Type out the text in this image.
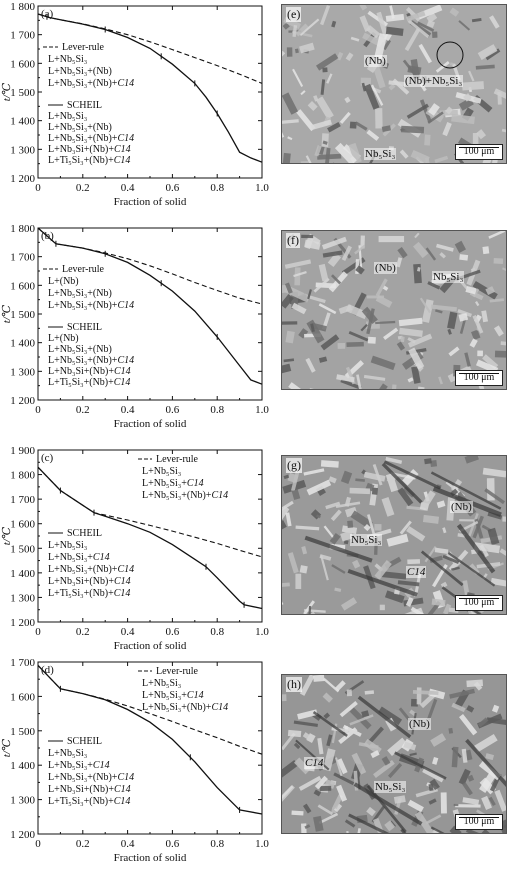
1 200
1 300
1 400
1 500
1 600
1 700
1 800
0	0.2	0.4	0.6	0.8	1.0
Fraction of solid
t/℃
(a)
Lever-rule
L+Nb₅Si₃
L+Nb₅Si₃+(Nb)
L+Nb₅Si₃+(Nb)+C14
SCHEIL
L+Nb₅Si₃
L+Nb₅Si₃+(Nb)
L+Nb₅Si₃+(Nb)+C14
L+Nb₃Si+(Nb)+C14
L+Ti₅Si₃+(Nb)+C14
1 200
1 300
1 400
1 500
1 600
1 700
1 800
0	0.2	0.4	0.6	0.8	1.0
Fraction of solid
t/℃
(b)
Lever-rule
L+(Nb)
L+Nb₅Si₃+(Nb)
L+Nb₅Si₃+(Nb)+C14
SCHEIL
L+(Nb)
L+Nb₅Si₃+(Nb)
L+Nb₅Si₃+(Nb)+C14
L+Nb₃Si+(Nb)+C14
L+Ti₅Si₃+(Nb)+C14
1 200
1 300
1 400
1 500
1 600
1 700
1 800
1 900
0	0.2	0.4	0.6	0.8	1.0
Fraction of solid
t/℃
(c)	Lever-rule
L+Nb₅Si₃
L+Nb₅Si₃+C14
L+Nb₅Si₃+(Nb)+C14
SCHEIL
L+Nb₅Si₃
L+Nb₅Si₃+C14
L+Nb₅Si₃+(Nb)+C14
L+Nb₃Si+(Nb)+C14
L+Ti₅Si₃+(Nb)+C14
1 200
1 300
1 400
1 500
1 600
1 700
0	0.2	0.4	0.6	0.8	1.0
Fraction of solid
t/℃
(d)	Lever-rule
L+Nb₅Si₃
L+Nb₅Si₃+C14
L+Nb₅Si₃+(Nb)+C14
SCHEIL
L+Nb₅Si₃
L+Nb₅Si₃+C14
L+Nb₅Si₃+(Nb)+C14
L+Nb₃Si+(Nb)+C14
L+Ti₅Si₃+(Nb)+C14
(e)
(Nb)
(Nb)+Nb₅Si₃
Nb₅Si₃	100 μm
(f)
(Nb)
Nb₅Si₃
100 μm
(g)
(Nb)
Nb₅Si₃
C14
100 μm
(h)
(Nb)
C14
Nb₅Si₃
100 μm
